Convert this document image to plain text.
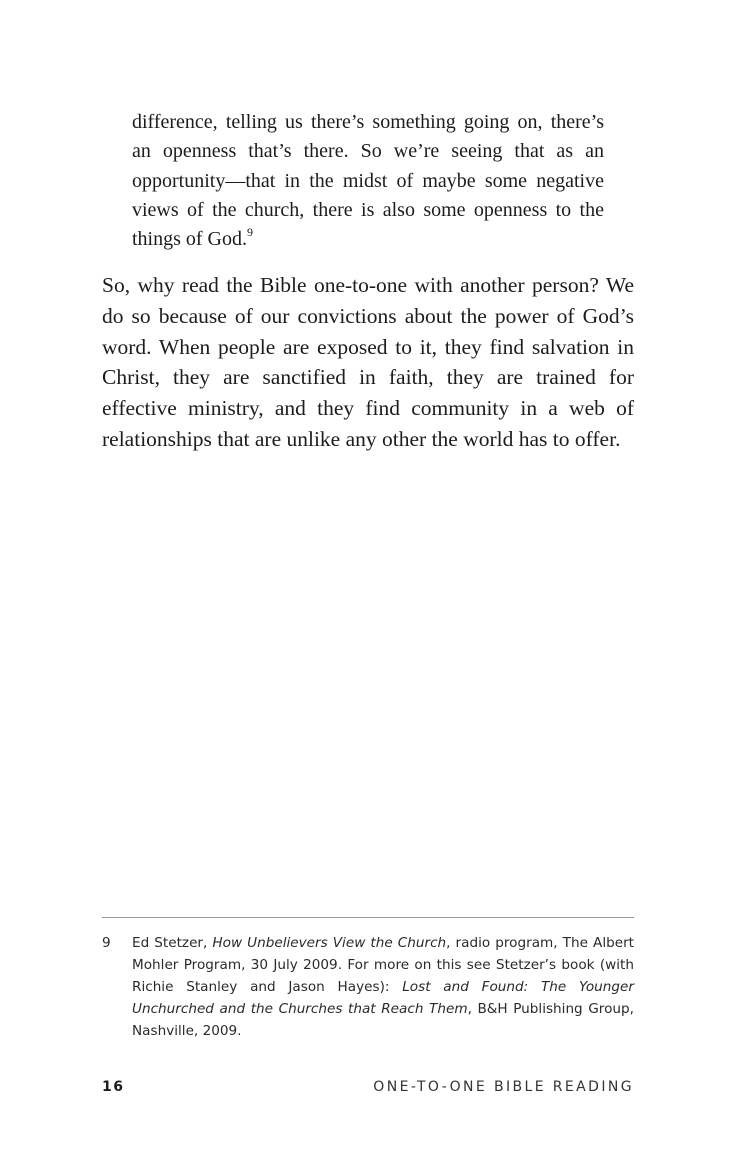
difference, telling us there’s something going on, there’s an openness that’s there. So we’re seeing that as an opportunity—that in the midst of maybe some negative views of the church, there is also some openness to the things of God.$^9$

So, why read the Bible one-to-one with another person? We do so because of our convictions about the power of God’s word. When people are exposed to it, they find salvation in Christ, they are sanctified in faith, they are trained for effective ministry, and they find community in a web of relationships that are unlike any other the world has to offer.

9	Ed Stetzer, How Unbelievers View the Church, radio program, The Albert Mohler Program, 30 July 2009. For more on this see Stetzer’s book (with Richie Stanley and Jason Hayes): Lost and Found: The Younger Unchurched and the Churches that Reach Them, B&H Publishing Group, Nashville, 2009.
16	ONE-TO-ONE BIBLE READING
